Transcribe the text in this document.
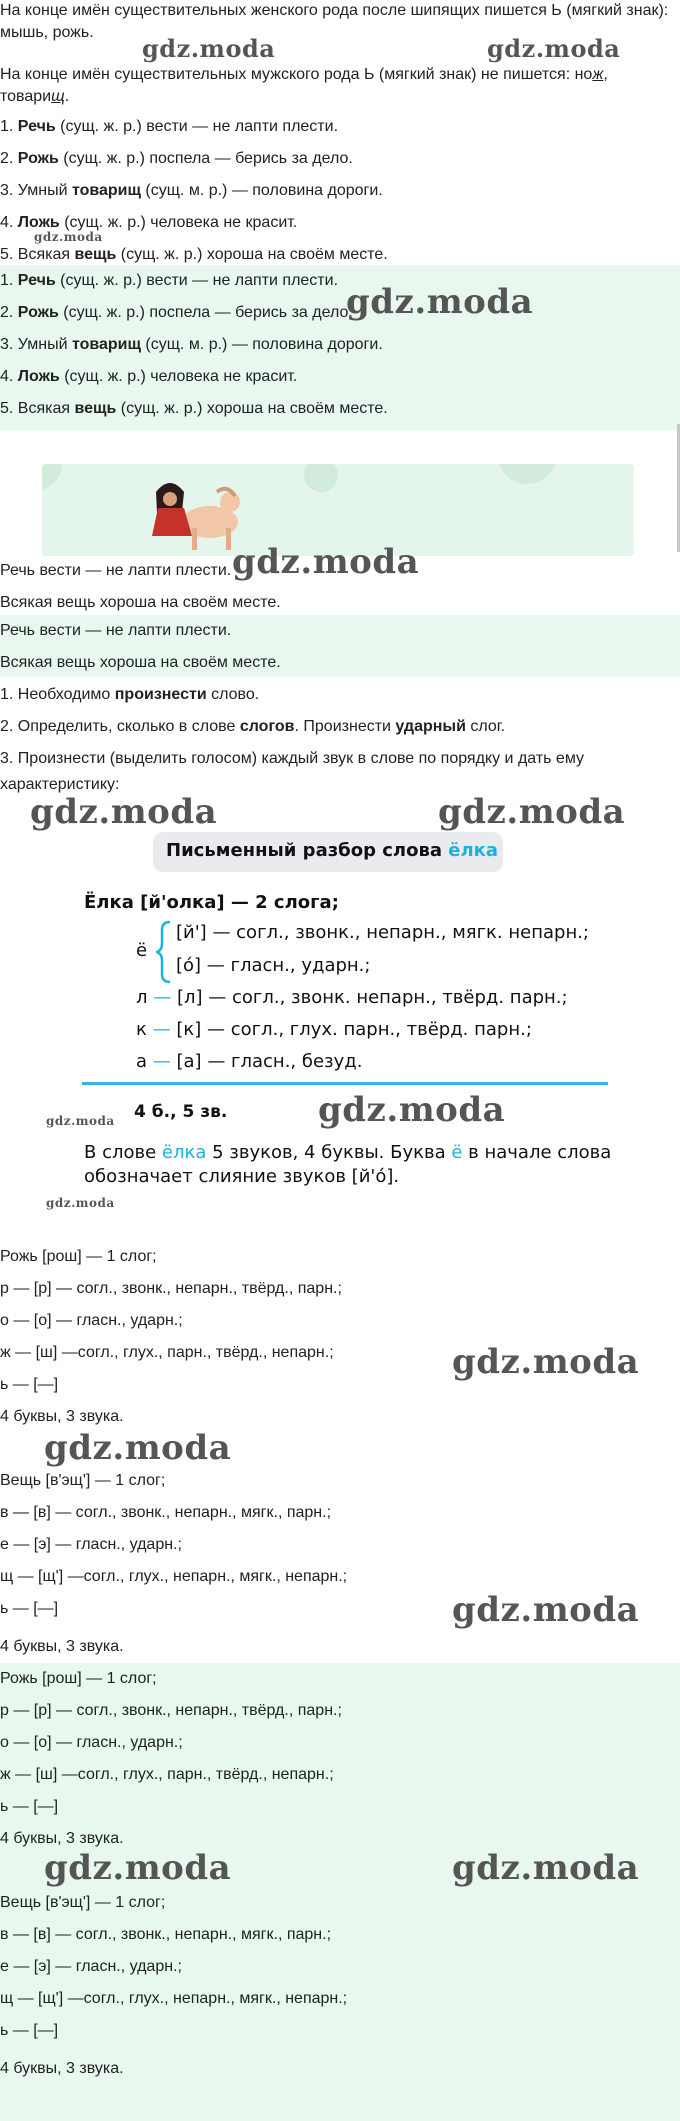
На конце имён существительных женского рода после шипящих пишется Ь (мягкий знак): мышь, рожь.
На конце имён существительных мужского рода Ь (мягкий знак) не пишется: нож, товарищ.
1. Речь (сущ. ж. р.) вести — не лапти плести.
2. Рожь (сущ. ж. р.) поспела — берись за дело.
3. Умный товарищ (сущ. м. р.) — половина дороги.
4. Ложь (сущ. ж. р.) человека не красит.
5. Всякая вещь (сущ. ж. р.) хороша на своём месте.
1. Речь (сущ. ж. р.) вести — не лапти плести.
2. Рожь (сущ. ж. р.) поспела — берись за дело.
3. Умный товарищ (сущ. м. р.) — половина дороги.
4. Ложь (сущ. ж. р.) человека не красит.
5. Всякая вещь (сущ. ж. р.) хороша на своём месте.
Речь вести — не лапти плести.
Всякая вещь хороша на своём месте.
Речь вести — не лапти плести.
Всякая вещь хороша на своём месте.
1. Необходимо произнести слово.
2. Определить, сколько в слове слогов. Произнести ударный слог.
3. Произнести (выделить голосом) каждый звук в слове по порядку и дать ему
характеристику:
Письменный разбор слова ёлка
Ёлка [й'олка] — 2 слога;
ё
[й'] — согл., звонк., непарн., мягк. непарн.;
[о́] — гласн., ударн.;
л — [л] — согл., звонк. непарн., твёрд. парн.;
к — [к] — согл., глух. парн., твёрд. парн.;
а — [а] — гласн., безуд.
4 б., 5 зв.
В слове ёлка 5 звуков, 4 буквы. Буква ё в начале слова
обозначает слияние звуков [й'о́].
Рожь [рош] — 1 слог;
р — [р] — согл., звонк., непарн., твёрд., парн.;
о — [о] — гласн., ударн.;
ж — [ш] —согл., глух., парн., твёрд., непарн.;
ь — [—]
4 буквы, 3 звука.
Вещь [в'эщ'] — 1 слог;
в — [в] — согл., звонк., непарн., мягк., парн.;
е — [э] — гласн., ударн.;
щ — [щ'] —согл., глух., непарн., мягк., непарн.;
ь — [—]
4 буквы, 3 звука.
Рожь [рош] — 1 слог;
р — [р] — согл., звонк., непарн., твёрд., парн.;
о — [о] — гласн., ударн.;
ж — [ш] —согл., глух., парн., твёрд., непарн.;
ь — [—]
4 буквы, 3 звука.
Вещь [в'эщ'] — 1 слог;
в — [в] — согл., звонк., непарн., мягк., парн.;
е — [э] — гласн., ударн.;
щ — [щ'] —согл., глух., непарн., мягк., непарн.;
ь — [—]
4 буквы, 3 звука.
gdz.moda	gdz.moda
gdz.moda
gdz.moda
gdz.moda
gdz.moda	gdz.moda
gdz.moda
gdz.moda
gdz.moda
gdz.moda
gdz.moda
gdz.moda
gdz.moda	gdz.moda
